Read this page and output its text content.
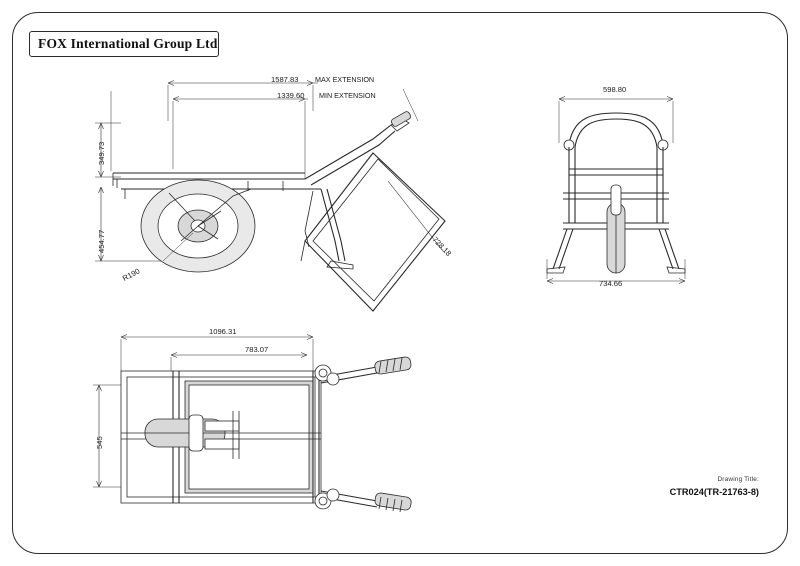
FOX International Group Ltd
1587.83 MAX EXTENSION
1339.60 MIN EXTENSION
349.73
454.77
R190
728.18
598.80
734.66
1096.31
783.07
545
Drawing Title:
CTR024(TR-21763-8)
